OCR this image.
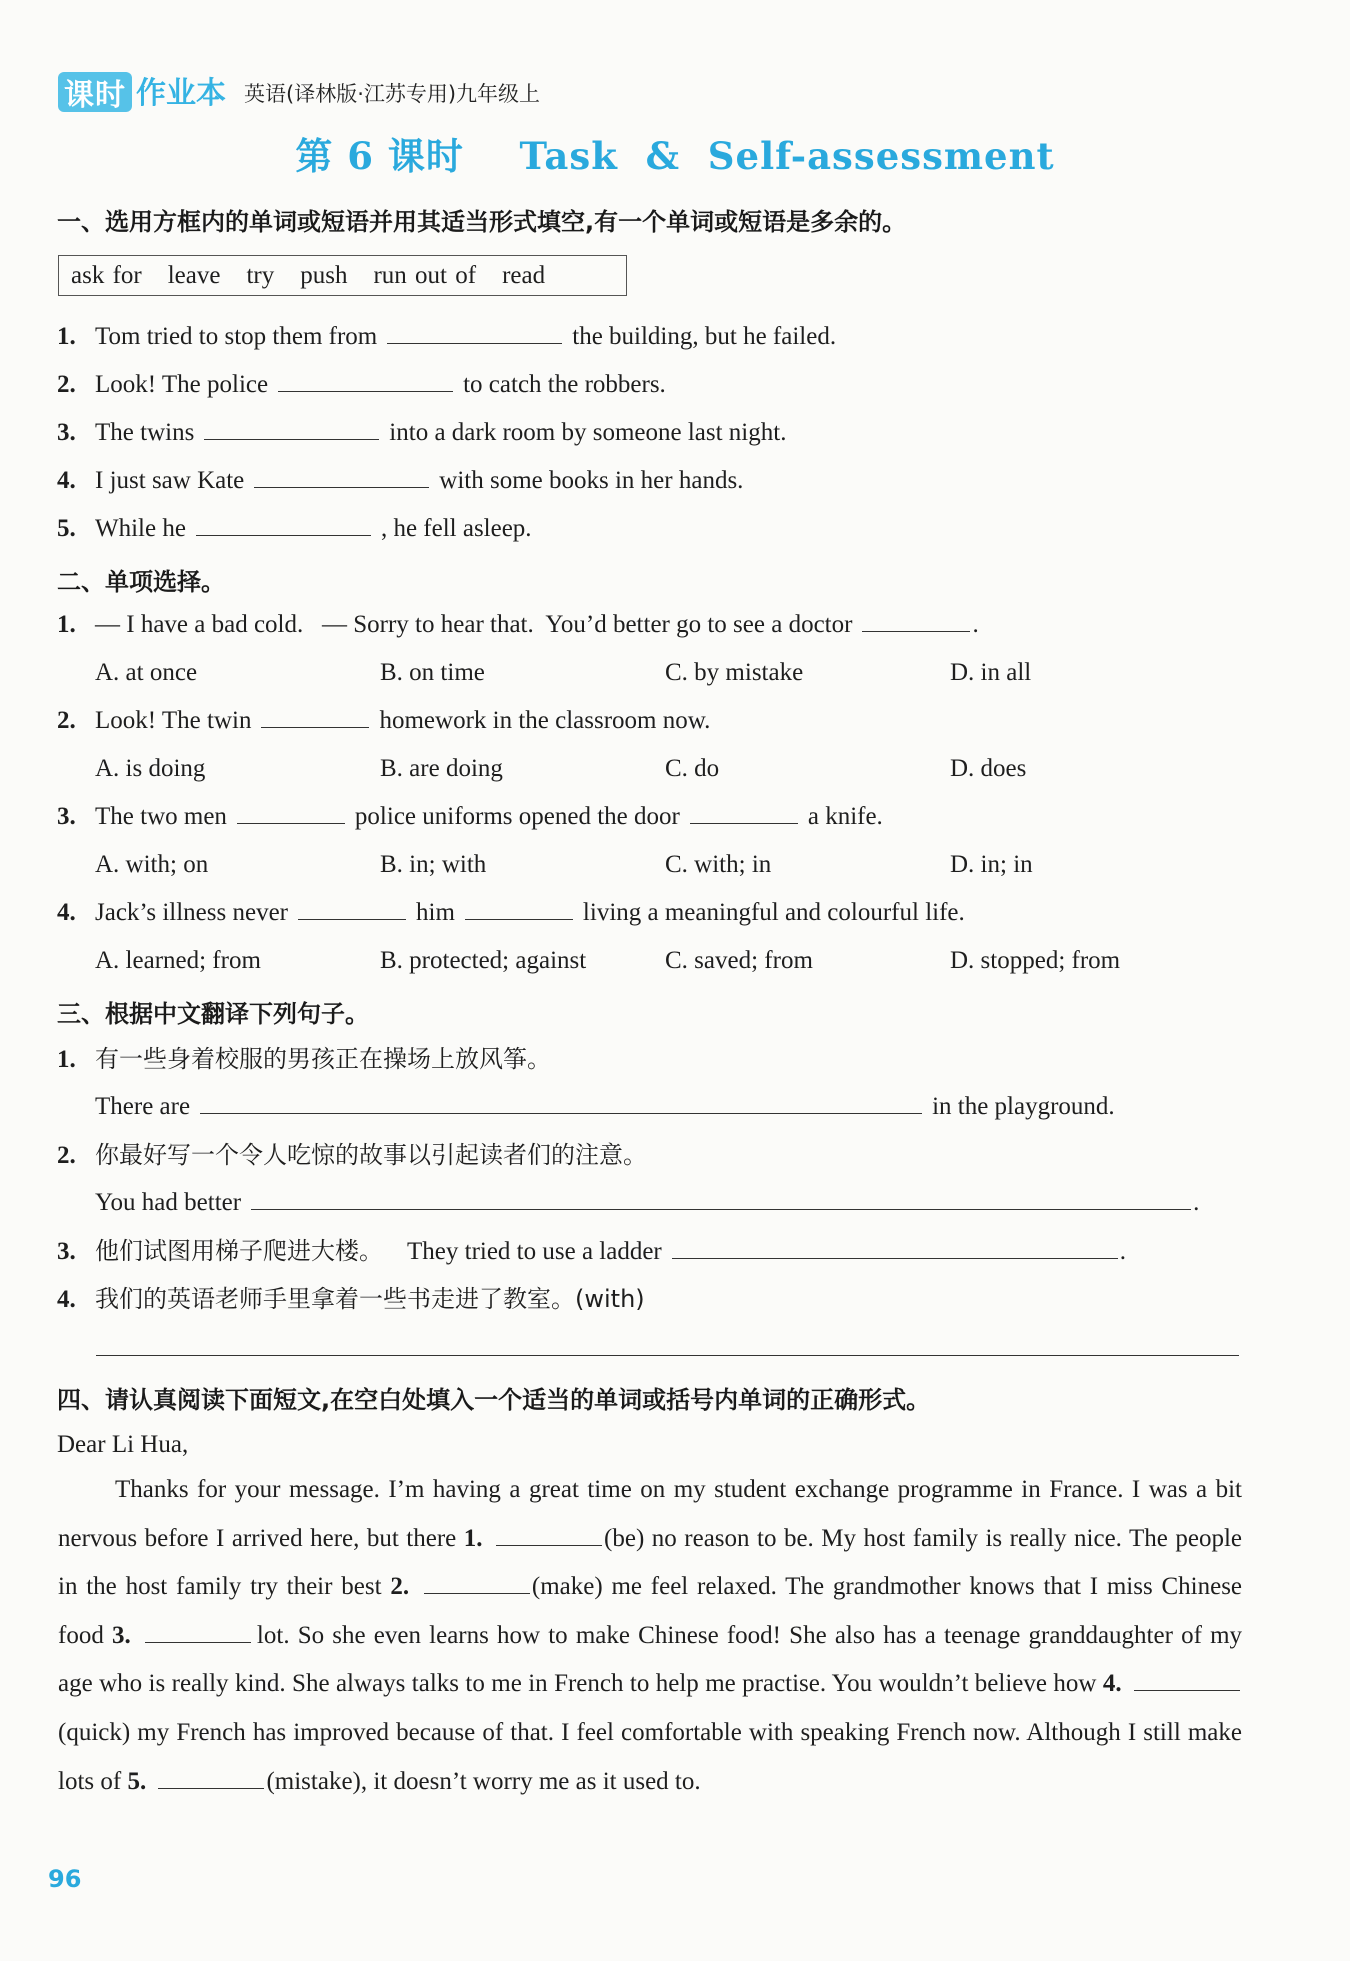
课时 作业本 英语(译林版·江苏专用)九年级上
第 6 课时    Task  &  Self-assessment
一、选用方框内的单词或短语并用其适当形式填空,有一个单词或短语是多余的。
ask for leave try push run out of read
1. Tom tried to stop them from	the building, but he failed.
2. Look! The police	to catch the robbers.
3. The twins	into a dark room by someone last night.
4. I just saw Kate	with some books in her hands.
5. While he	, he fell asleep.
二、单项选择。
1. — I have a bad cold.   — Sorry to hear that.  You’d better go to see a doctor	.
A. at once	B. on time	C. by mistake	D. in all
2. Look! The twin	homework in the classroom now.
A. is doing	B. are doing	C. do	D. does
3. The two men	police uniforms opened the door	a knife.
A. with; on	B. in; with	C. with; in	D. in; in
4. Jack’s illness never	him	living a meaningful and colourful life.
A. learned; from	B. protected; against	C. saved; from	D. stopped; from
三、根据中文翻译下列句子。
1. 有一些身着校服的男孩正在操场上放风筝。
There are	in the playground.
2. 你最好写一个令人吃惊的故事以引起读者们的注意。
You had better	.
3. 他们试图用梯子爬进大楼。 They tried to use a ladder	.
4. 我们的英语老师手里拿着一些书走进了教室。(with)
四、请认真阅读下面短文,在空白处填入一个适当的单词或括号内单词的正确形式。
Dear Li Hua,
Thanks for your message. I’m having a great time on my student exchange programme in France. I was a bit nervous before I arrived here, but there 1.	(be) no reason to be. My host family is really nice. The people in the host family try their best 2.	(make) me feel relaxed. The grandmother knows that I miss Chinese food 3.	lot. So she even learns how to make Chinese food! She also has a teenage granddaughter of my age who is really kind. She always talks to me in French to help me practise. You wouldn’t believe how 4. (quick) my French has improved because of that. I feel comfortable with speaking French now. Although I still make lots of 5.	(mistake), it doesn’t worry me as it used to.
96
